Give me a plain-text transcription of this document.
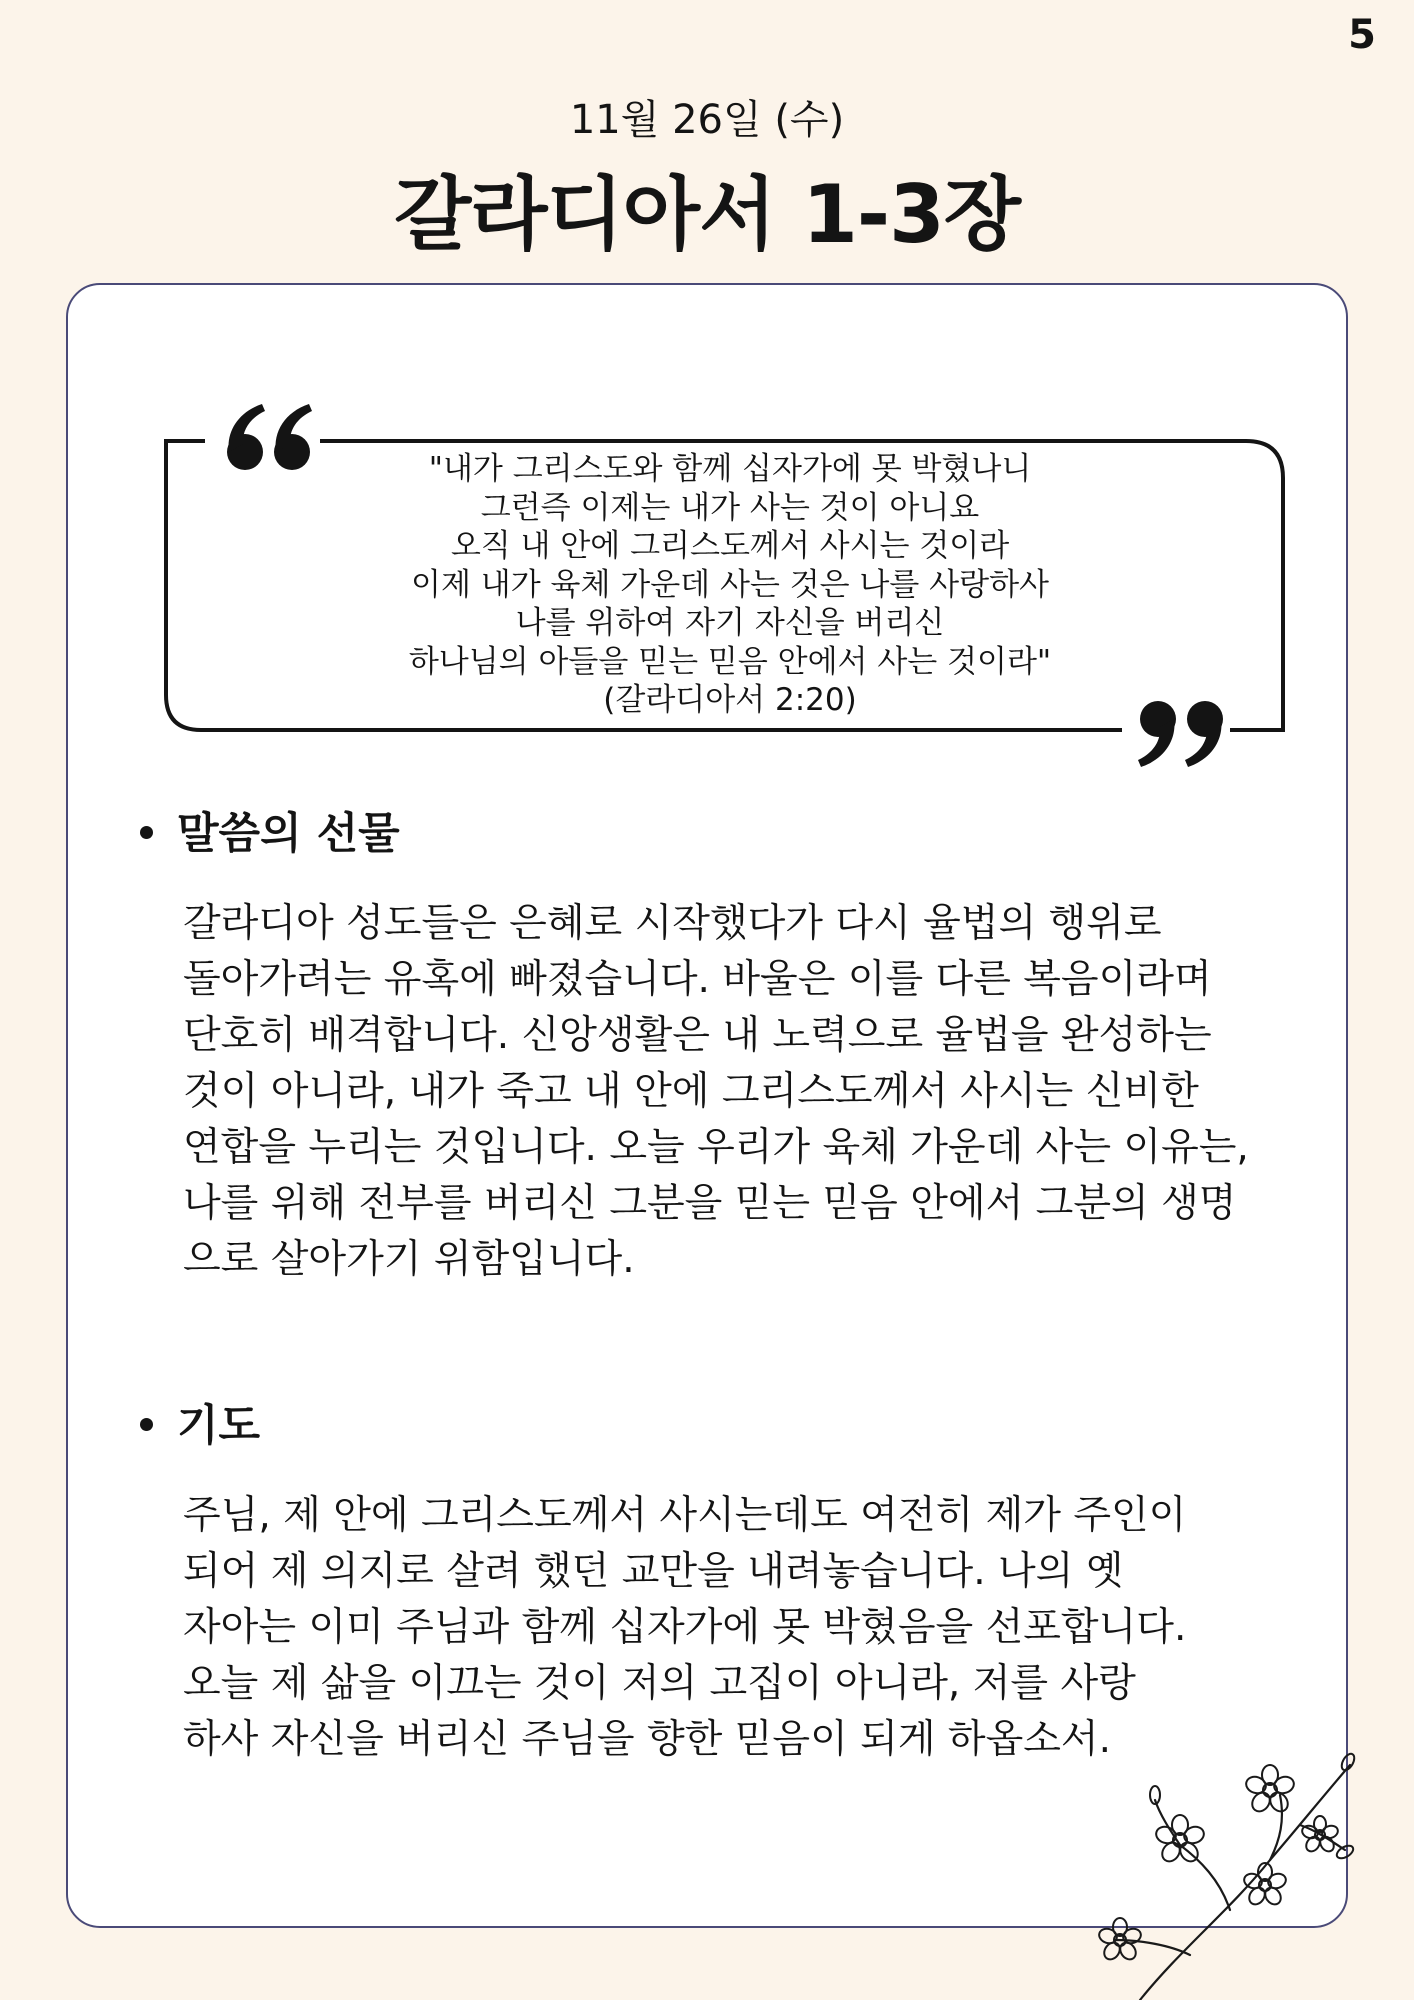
5
11월 26일 (수)
갈라디아서 1-3장
"내가 그리스도와 함께 십자가에 못 박혔나니
그런즉 이제는 내가 사는 것이 아니요
오직 내 안에 그리스도께서 사시는 것이라
이제 내가 육체 가운데 사는 것은 나를 사랑하사
나를 위하여 자기 자신을 버리신
하나님의 아들을 믿는 믿음 안에서 사는 것이라"
(갈라디아서 2:20)
말씀의 선물
갈라디아 성도들은 은혜로 시작했다가 다시 율법의 행위로
돌아가려는 유혹에 빠졌습니다. 바울은 이를 다른 복음이라며
단호히 배격합니다. 신앙생활은 내 노력으로 율법을 완성하는
것이 아니라, 내가 죽고 내 안에 그리스도께서 사시는 신비한
연합을 누리는 것입니다. 오늘 우리가 육체 가운데 사는 이유는,
나를 위해 전부를 버리신 그분을 믿는 믿음 안에서 그분의 생명
으로 살아가기 위함입니다.
기도
주님, 제 안에 그리스도께서 사시는데도 여전히 제가 주인이
되어 제 의지로 살려 했던 교만을 내려놓습니다. 나의 옛
자아는 이미 주님과 함께 십자가에 못 박혔음을 선포합니다.
오늘 제 삶을 이끄는 것이 저의 고집이 아니라, 저를 사랑
하사 자신을 버리신 주님을 향한 믿음이 되게 하옵소서.
